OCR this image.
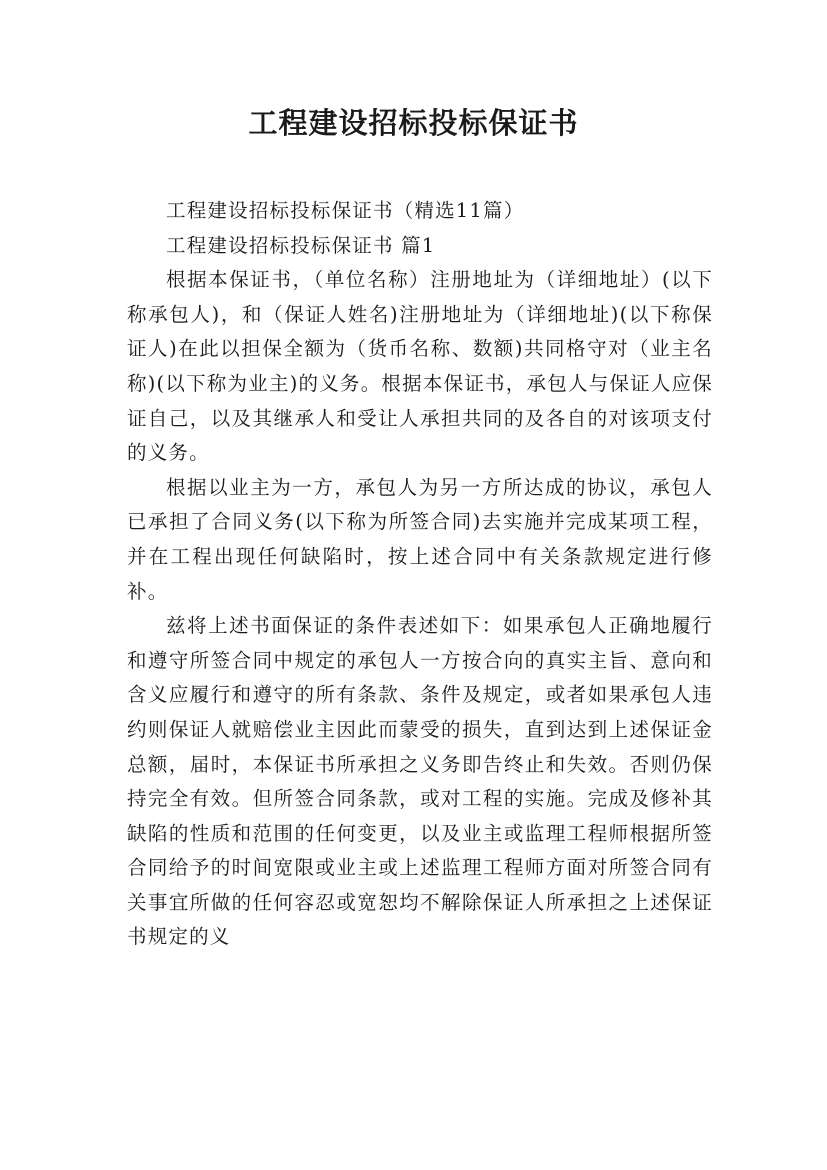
工程建设招标投标保证书

工程建设招标投标保证书（精选11篇）

工程建设招标投标保证书 篇1

根据本保证书，（单位名称）注册地址为（详细地址）(以下称承包人)，和（保证人姓名)注册地址为（详细地址)(以下称保证人)在此以担保全额为（货币名称、数额)共同格守对（业主名称)(以下称为业主)的义务。根据本保证书，承包人与保证人应保证自己，以及其继承人和受让人承担共同的及各自的对该项支付的义务。

根据以业主为一方，承包人为另一方所达成的协议，承包人已承担了合同义务(以下称为所签合同)去实施并完成某项工程，并在工程出现任何缺陷时，按上述合同中有关条款规定进行修补。

兹将上述书面保证的条件表述如下：如果承包人正确地履行和遵守所签合同中规定的承包人一方按合向的真实主旨、意向和含义应履行和遵守的所有条款、条件及规定，或者如果承包人违约则保证人就赔偿业主因此而蒙受的损失，直到达到上述保证金总额，届时，本保证书所承担之义务即告终止和失效。否则仍保持完全有效。但所签合同条款，或对工程的实施。完成及修补其缺陷的性质和范围的任何变更，以及业主或监理工程师根据所签合同给予的时间宽限或业主或上述监理工程师方面对所签合同有关事宜所做的任何容忍或宽恕均不解除保证人所承担之上述保证书规定的义
